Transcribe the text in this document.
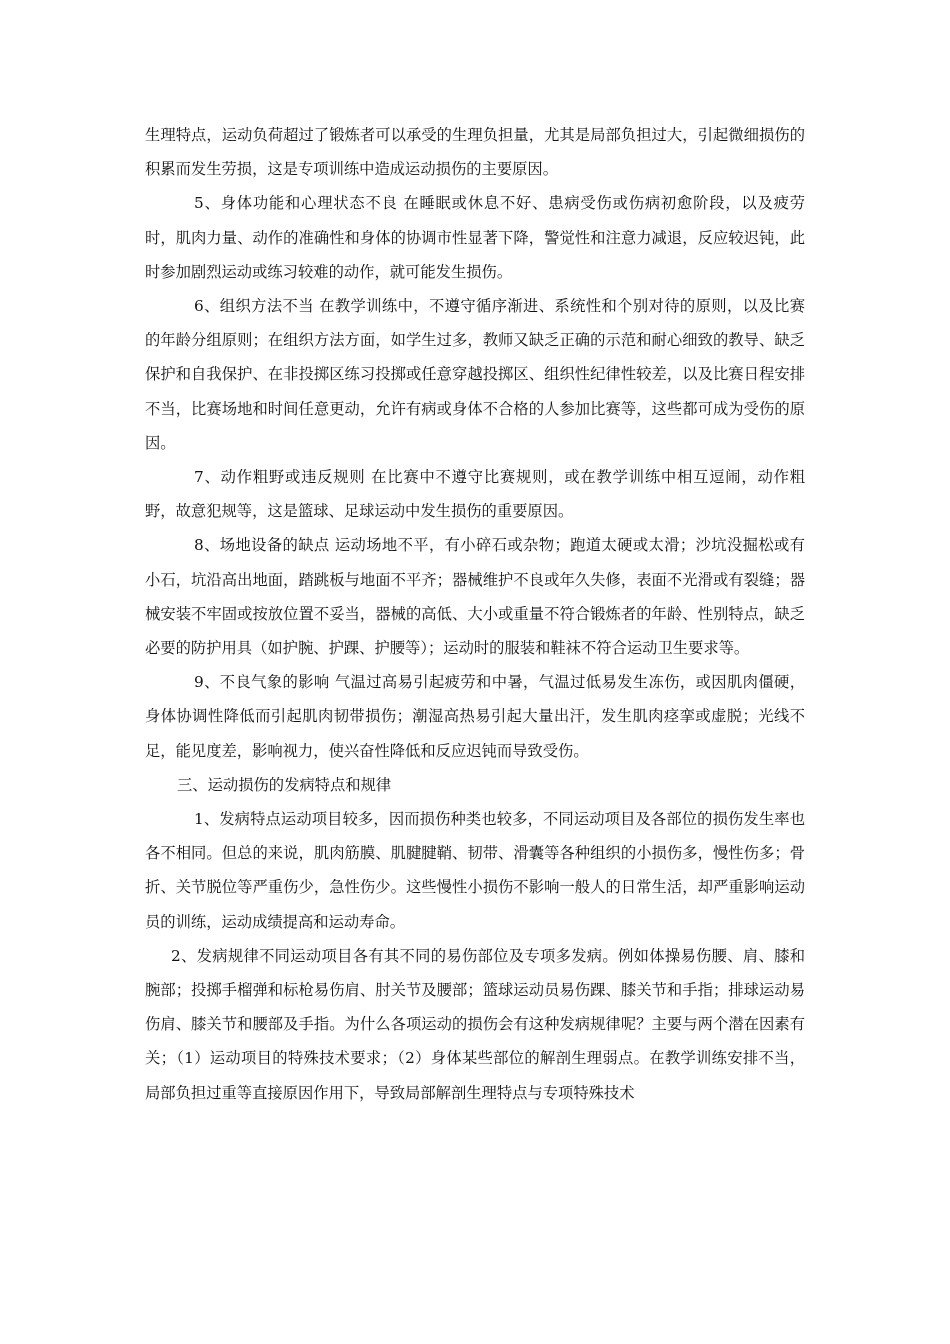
生理特点，运动负荷超过了锻炼者可以承受的生理负担量，尤其是局部负担过大，引起微细损伤的积累而发生劳损，这是专项训练中造成运动损伤的主要原因。

5、身体功能和心理状态不良 在睡眠或休息不好、患病受伤或伤病初愈阶段，以及疲劳时，肌肉力量、动作的准确性和身体的协调市性显著下降，警觉性和注意力减退，反应较迟钝，此时参加剧烈运动或练习较难的动作，就可能发生损伤。

6、组织方法不当 在教学训练中，不遵守循序渐进、系统性和个别对待的原则，以及比赛的年龄分组原则；在组织方法方面，如学生过多，教师又缺乏正确的示范和耐心细致的教导、缺乏保护和自我保护、在非投掷区练习投掷或任意穿越投掷区、组织性纪律性较差，以及比赛日程安排不当，比赛场地和时间任意更动，允许有病或身体不合格的人参加比赛等，这些都可成为受伤的原因。

7、动作粗野或违反规则 在比赛中不遵守比赛规则，或在教学训练中相互逗闹，动作粗野，故意犯规等，这是篮球、足球运动中发生损伤的重要原因。

8、场地设备的缺点 运动场地不平，有小碎石或杂物；跑道太硬或太滑；沙坑没掘松或有小石，坑沿高出地面，踏跳板与地面不平齐；器械维护不良或年久失修，表面不光滑或有裂缝；器械安装不牢固或按放位置不妥当，器械的高低、大小或重量不符合锻炼者的年龄、性别特点，缺乏必要的防护用具（如护腕、护踝、护腰等）；运动时的服装和鞋袜不符合运动卫生要求等。

9、不良气象的影响 气温过高易引起疲劳和中暑，气温过低易发生冻伤，或因肌肉僵硬，身体协调性降低而引起肌肉韧带损伤；潮湿高热易引起大量出汗，发生肌肉痉挛或虚脱；光线不足，能见度差，影响视力，使兴奋性降低和反应迟钝而导致受伤。

三、运动损伤的发病特点和规律

1、发病特点运动项目较多，因而损伤种类也较多，不同运动项目及各部位的损伤发生率也各不相同。但总的来说，肌肉筋膜、肌腱腱鞘、韧带、滑囊等各种组织的小损伤多，慢性伤多；骨折、关节脱位等严重伤少，急性伤少。这些慢性小损伤不影响一般人的日常生活，却严重影响运动员的训练，运动成绩提高和运动寿命。

2、发病规律不同运动项目各有其不同的易伤部位及专项多发病。例如体操易伤腰、肩、膝和腕部；投掷手榴弹和标枪易伤肩、肘关节及腰部；篮球运动员易伤踝、膝关节和手指；排球运动易伤肩、膝关节和腰部及手指。为什么各项运动的损伤会有这种发病规律呢？主要与两个潜在因素有关；（1）运动项目的特殊技术要求；（2）身体某些部位的解剖生理弱点。在教学训练安排不当，局部负担过重等直接原因作用下，导致局部解剖生理特点与专项特殊技术
